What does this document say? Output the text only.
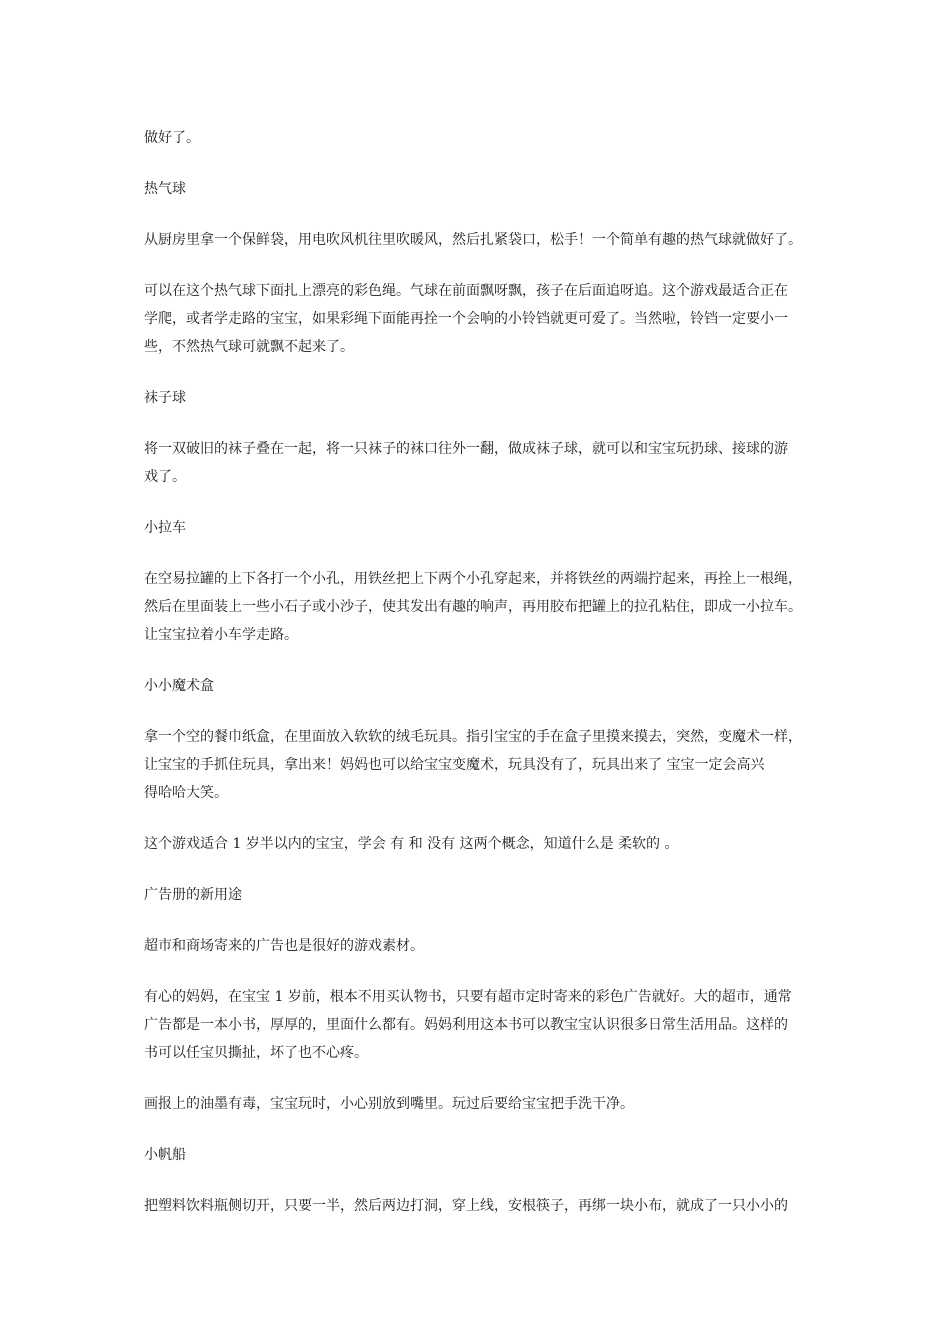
做好了。

热气球

从厨房里拿一个保鲜袋，用电吹风机往里吹暖风，然后扎紧袋口，松手！一个简单有趣的热气球就做好了。

可以在这个热气球下面扎上漂亮的彩色绳。气球在前面飘呀飘，孩子在后面追呀追。这个游戏最适合正在
学爬，或者学走路的宝宝，如果彩绳下面能再拴一个会响的小铃铛就更可爱了。当然啦，铃铛一定要小一
些，不然热气球可就飘不起来了。

袜子球

将一双破旧的袜子叠在一起，将一只袜子的袜口往外一翻，做成袜子球，就可以和宝宝玩扔球、接球的游
戏了。

小拉车

在空易拉罐的上下各打一个小孔，用铁丝把上下两个小孔穿起来，并将铁丝的两端拧起来，再拴上一根绳，
然后在里面装上一些小石子或小沙子，使其发出有趣的响声，再用胶布把罐上的拉孔粘住，即成一小拉车。
让宝宝拉着小车学走路。

小小魔术盒

拿一个空的餐巾纸盒，在里面放入软软的绒毛玩具。指引宝宝的手在盒子里摸来摸去，突然，变魔术一样，
让宝宝的手抓住玩具，拿出来！妈妈也可以给宝宝变魔术，玩具没有了，玩具出来了 宝宝一定会高兴
得哈哈大笑。

这个游戏适合 1 岁半以内的宝宝，学会 有 和 没有 这两个概念，知道什么是 柔软的 。

广告册的新用途

超市和商场寄来的广告也是很好的游戏素材。

有心的妈妈，在宝宝 1 岁前，根本不用买认物书，只要有超市定时寄来的彩色广告就好。大的超市，通常
广告都是一本小书，厚厚的，里面什么都有。妈妈利用这本书可以教宝宝认识很多日常生活用品。这样的
书可以任宝贝撕扯，坏了也不心疼。

画报上的油墨有毒，宝宝玩时，小心别放到嘴里。玩过后要给宝宝把手洗干净。

小帆船

把塑料饮料瓶侧切开，只要一半，然后两边打洞，穿上线，安根筷子，再绑一块小布，就成了一只小小的
